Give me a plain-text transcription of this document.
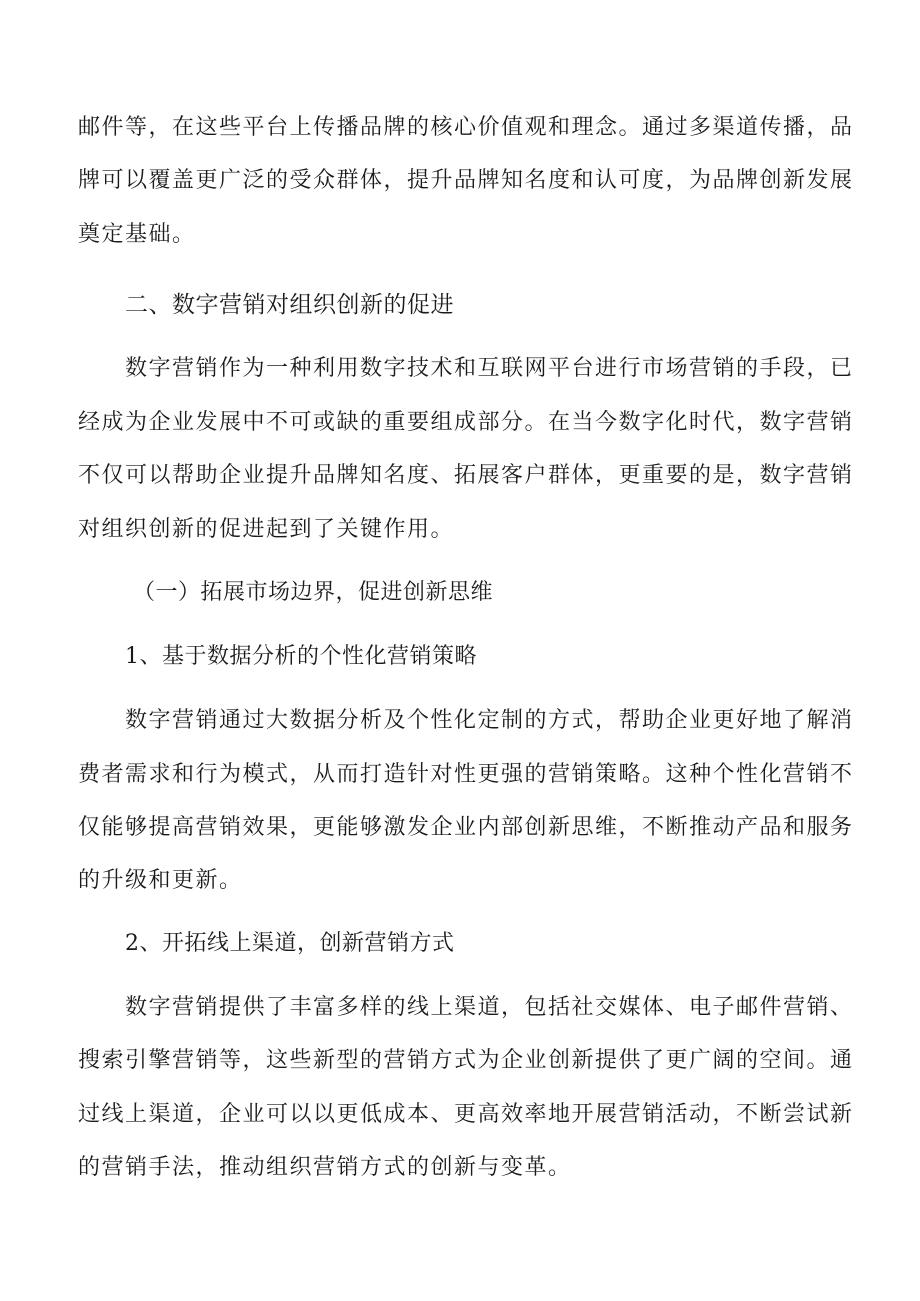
邮件等，在这些平台上传播品牌的核心价值观和理念。通过多渠道传播，品
牌可以覆盖更广泛的受众群体，提升品牌知名度和认可度，为品牌创新发展
奠定基础。
二、数字营销对组织创新的促进
数字营销作为一种利用数字技术和互联网平台进行市场营销的手段，已
经成为企业发展中不可或缺的重要组成部分。在当今数字化时代，数字营销
不仅可以帮助企业提升品牌知名度、拓展客户群体，更重要的是，数字营销
对组织创新的促进起到了关键作用。
（一）拓展市场边界，促进创新思维
1、基于数据分析的个性化营销策略
数字营销通过大数据分析及个性化定制的方式，帮助企业更好地了解消
费者需求和行为模式，从而打造针对性更强的营销策略。这种个性化营销不
仅能够提高营销效果，更能够激发企业内部创新思维，不断推动产品和服务
的升级和更新。
2、开拓线上渠道，创新营销方式
数字营销提供了丰富多样的线上渠道，包括社交媒体、电子邮件营销、
搜索引擎营销等，这些新型的营销方式为企业创新提供了更广阔的空间。通
过线上渠道，企业可以以更低成本、更高效率地开展营销活动，不断尝试新
的营销手法，推动组织营销方式的创新与变革。
